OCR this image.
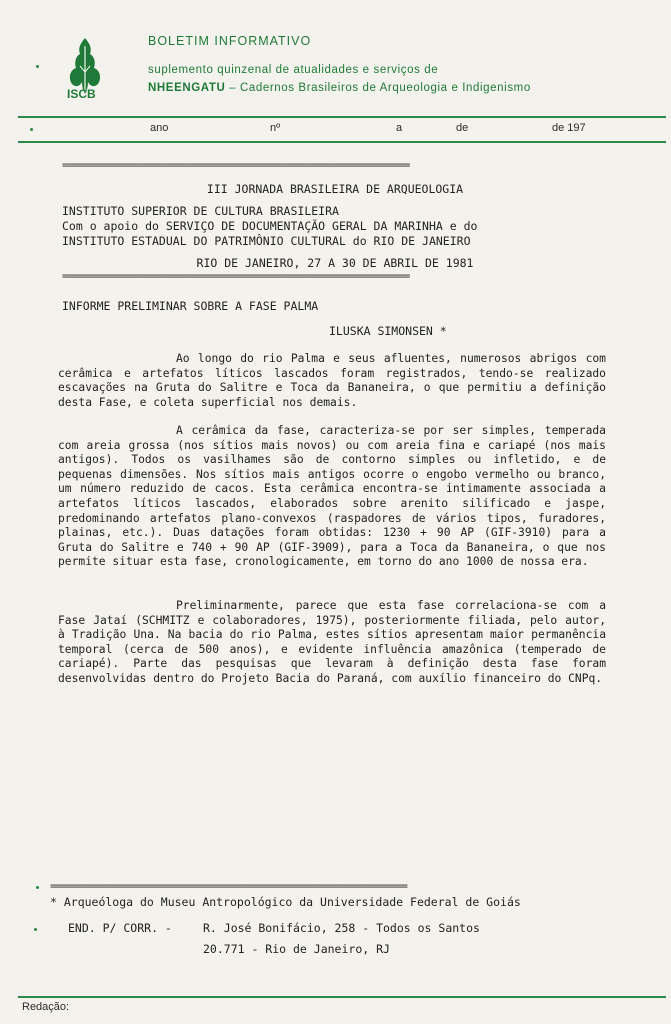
ISCB
BOLETIM INFORMATIVO
suplemento quinzenal de atualidades e serviços de
NHEENGATU – Cadernos Brasileiros de Arqueologia e Indigenismo
ano	nº	a	de	de 197
========================================================================
III JORNADA BRASILEIRA DE ARQUEOLOGIA
INSTITUTO SUPERIOR DE CULTURA BRASILEIRA
Com o apoio do SERVIÇO DE DOCUMENTAÇÃO GERAL DA MARINHA e do
INSTITUTO ESTADUAL DO PATRIMÔNIO CULTURAL do RIO DE JANEIRO
RIO DE JANEIRO, 27 A 30 DE ABRIL DE 1981
========================================================================
INFORME PRELIMINAR SOBRE A FASE PALMA
ILUSKA SIMONSEN *
Ao longo do rio Palma e seus afluentes, numerosos abrigos com cerâmica e artefatos líticos lascados foram registrados, tendo-se realizado escavações na Gruta do Salitre e Toca da Bananeira, o que permitiu a definição desta Fase, e coleta superficial nos demais.
A cerâmica da fase, caracteriza-se por ser simples, temperada com areia grossa (nos sítios mais novos) ou com areia fina e cariapé (nos mais antigos). Todos os vasilhames são de contorno simples ou infletido, e de pequenas dimensões. Nos sítios mais antigos ocorre o engobo vermelho ou branco, um número reduzido de cacos. Esta cerâmica encontra-se intimamente associada a artefatos líticos lascados, elaborados sobre arenito silificado e jaspe, predominando artefatos plano-convexos (raspadores de vários tipos, furadores, plainas, etc.). Duas datações foram obtidas: 1230 + 90 AP (GIF-3910) para a Gruta do Salitre e 740 + 90 AP (GIF-3909), para a Toca da Bananeira, o que nos permite situar esta fase, cronologicamente, em torno do ano 1000 de nossa era.
Preliminarmente, parece que esta fase correlaciona-se com a Fase Jataí (SCHMITZ e colaboradores, 1975), posteriormente filiada, pelo autor, à Tradição Una. Na bacia do rio Palma, estes sítios apresentam maior permanência temporal (cerca de 500 anos), e evidente influência amazônica (temperado de cariapé). Parte das pesquisas que levaram à definição desta fase foram desenvolvidas dentro do Projeto Bacia do Paraná, com auxílio financeiro do CNPq.
==========================================================================
* Arqueóloga do Museu Antropológico da Universidade Federal de Goiás
END. P/ CORR. -	R. José Bonifácio, 258 - Todos os Santos
20.771 - Rio de Janeiro, RJ
Redação:
